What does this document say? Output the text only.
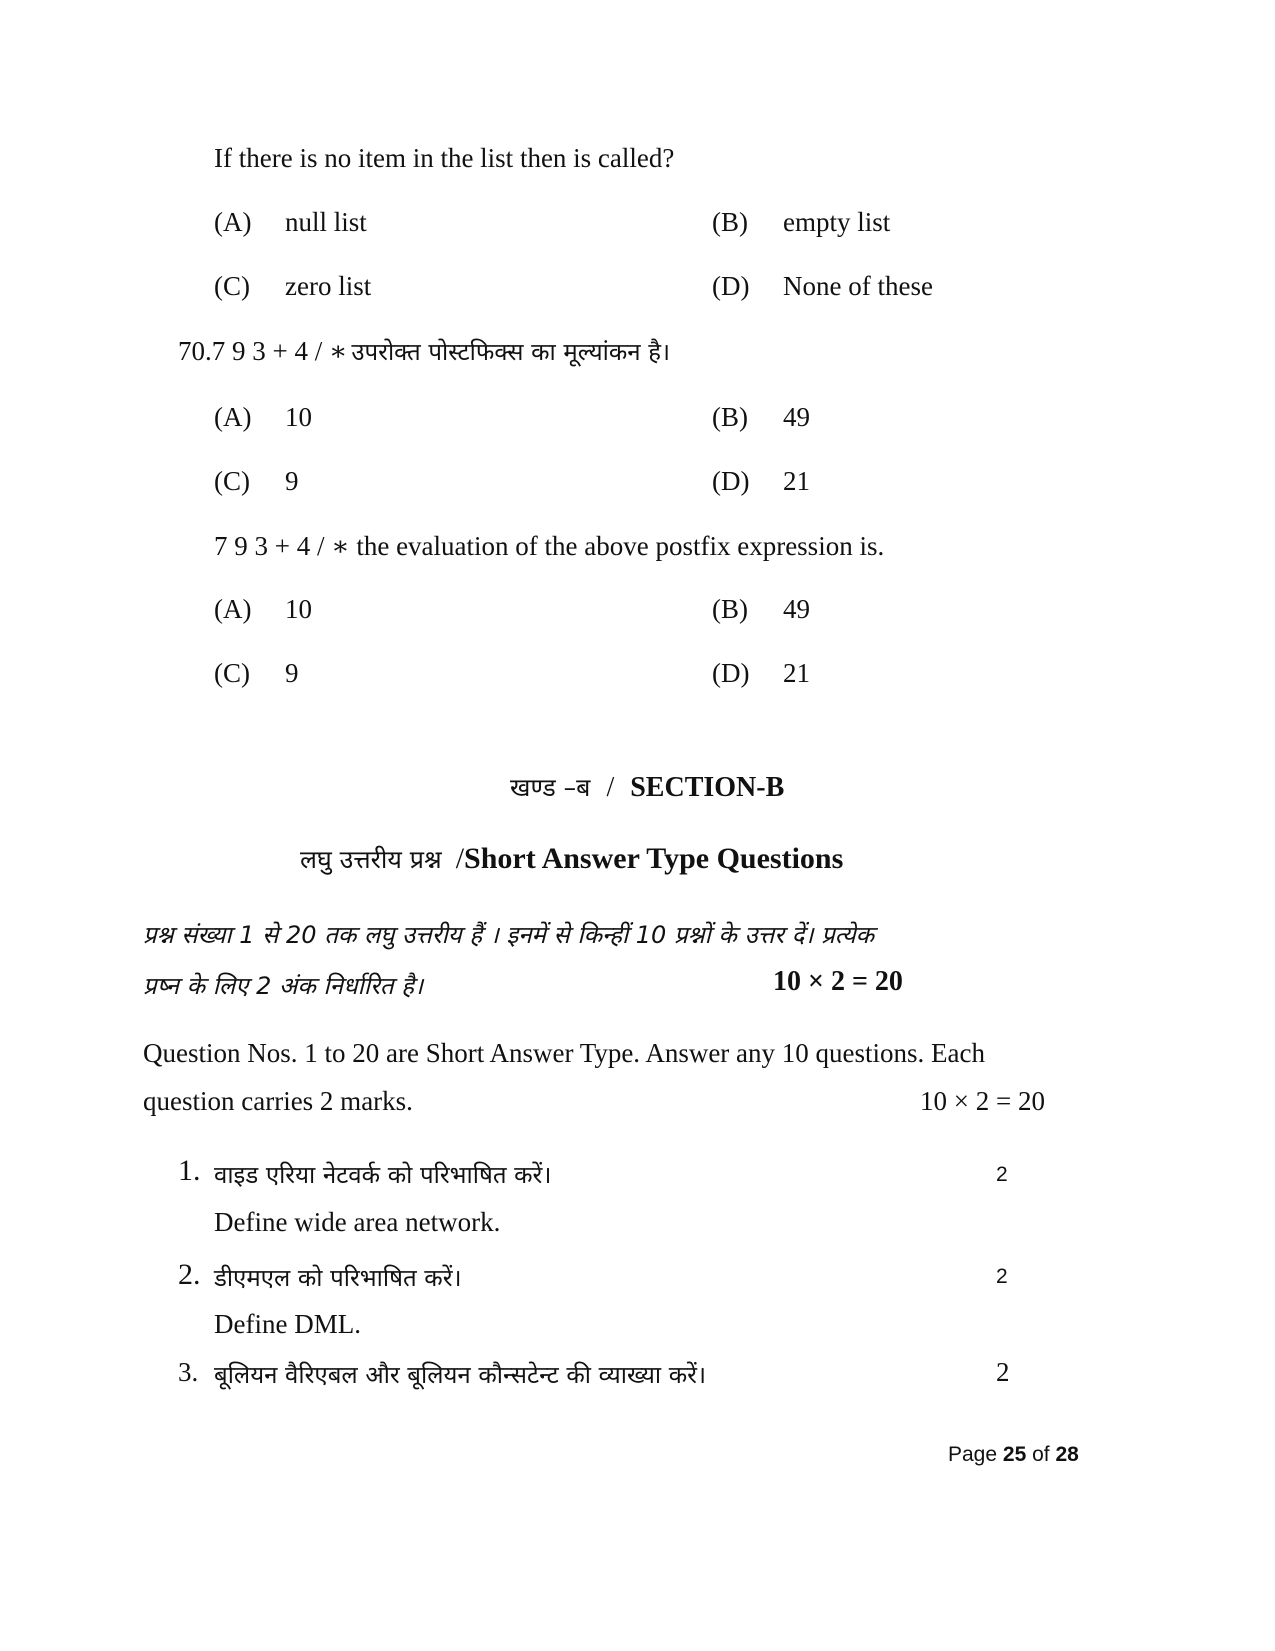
If there is no item in the list then is called?
(A) null list	(B) empty list
(C) zero list	(D) None of these
70.7 9 3 + 4 / ∗ उपरोक्त पोस्टफिक्स का मूल्यांकन है।
(A) 10	(B) 49
(C) 9	(D) 21
7 9 3 + 4 / ∗ the evaluation of the above postfix expression is.
(A) 10	(B) 49
(C) 9	(D) 21
खण्ड –ब / SECTION-B
लघु उत्तरीय प्रश्न /Short Answer Type Questions
प्रश्न संख्या 1 से 20 तक लघु उत्तरीय हैं । इनमें से किन्हीं 10 प्रश्नों के उत्तर दें। प्रत्येक
प्रष्न के लिए 2 अंक निर्धारित है।	10 × 2 = 20
Question Nos. 1 to 20 are Short Answer Type. Answer any 10 questions. Each
question carries 2 marks.	10 × 2 = 20
1. वाइड एरिया नेटवर्क को परिभाषित करें।	2
Define wide area network.
2. डीएमएल को परिभाषित करें।	2
Define DML.
3. बूलियन वैरिएबल और बूलियन कौन्सटेन्ट की व्याख्या करें।	2
Page 25 of 28
